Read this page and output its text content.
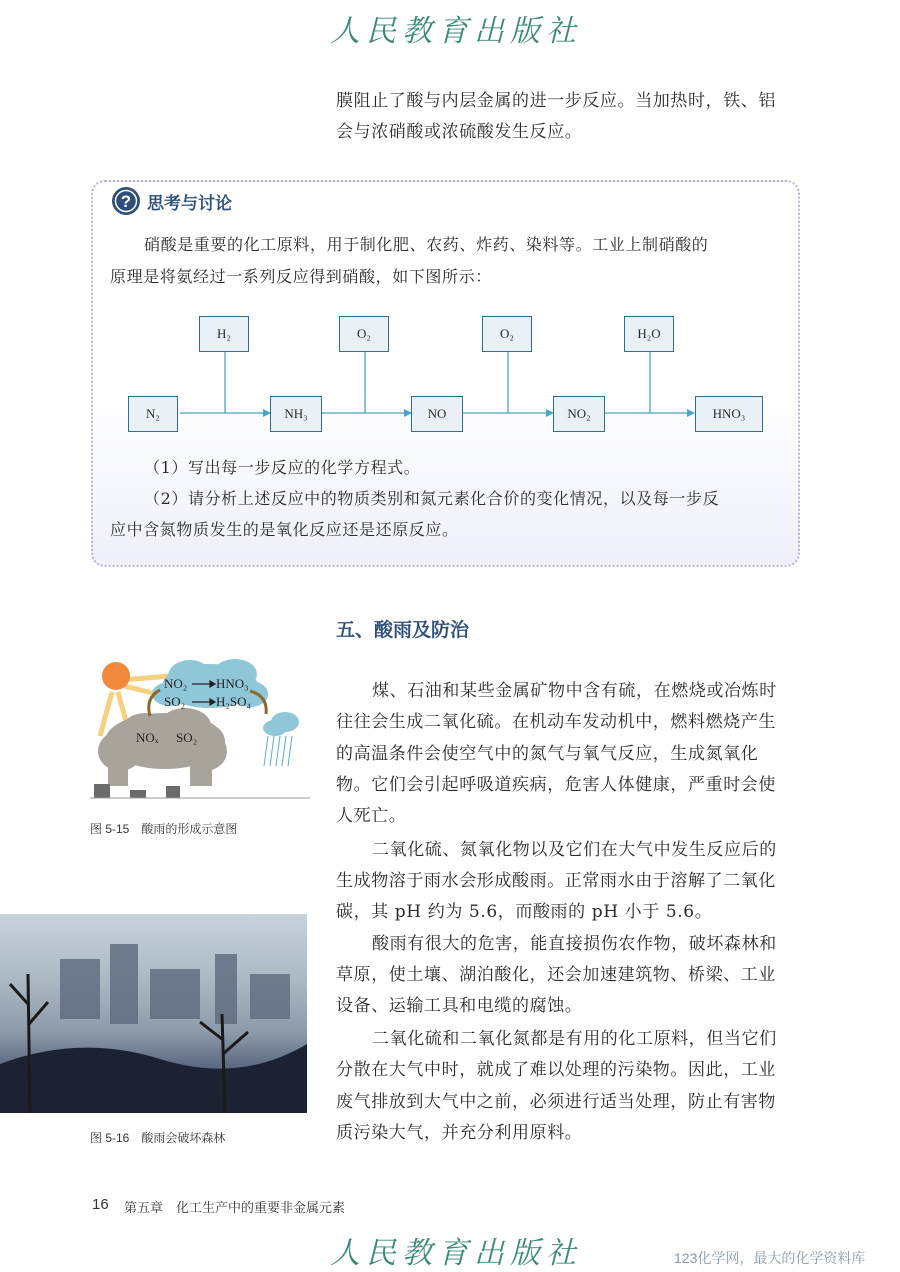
人民教育出版社
膜阻止了酸与内层金属的进一步反应。当加热时，铁、铝
会与浓硝酸或浓硫酸发生反应。
? 思考与讨论
硝酸是重要的化工原料，用于制化肥、农药、炸药、染料等。工业上制硝酸的
原理是将氨经过一系列反应得到硝酸，如下图所示：
H₂	O₂	O₂	H₂O
N₂	NH₃	NO	NO₂	HNO₃
（1）写出每一步反应的化学方程式。
（2）请分析上述反应中的物质类别和氮元素化合价的变化情况，以及每一步反
应中含氮物质发生的是氧化反应还是还原反应。
五、酸雨及防治
NO₂ HNO₃
SO₂ H₂SO₄
NOₓ SO₂
图 5-15　酸雨的形成示意图
图 5-16　酸雨会破坏森林
煤、石油和某些金属矿物中含有硫，在燃烧或冶炼时
往往会生成二氧化硫。在机动车发动机中，燃料燃烧产生
的高温条件会使空气中的氮气与氧气反应，生成氮氧化
物。它们会引起呼吸道疾病，危害人体健康，严重时会使
人死亡。
二氧化硫、氮氧化物以及它们在大气中发生反应后的
生成物溶于雨水会形成酸雨。正常雨水由于溶解了二氧化
碳，其 pH 约为 5.6，而酸雨的 pH 小于 5.6。
酸雨有很大的危害，能直接损伤农作物，破坏森林和
草原，使土壤、湖泊酸化，还会加速建筑物、桥梁、工业
设备、运输工具和电缆的腐蚀。
二氧化硫和二氧化氮都是有用的化工原料，但当它们
分散在大气中时，就成了难以处理的污染物。因此，工业
废气排放到大气中之前，必须进行适当处理，防止有害物
质污染大气，并充分利用原料。
16 第五章　化工生产中的重要非金属元素
人民教育出版社	123化学网，最大的化学资料库
